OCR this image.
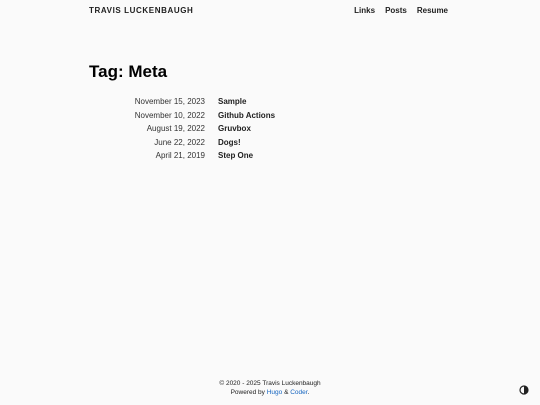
TRAVIS LUCKENBAUGH	Links Posts Resume
Tag: Meta
November 15, 2023 Sample
November 10, 2022 Github Actions
August 19, 2022 Gruvbox
June 22, 2022 Dogs!
April 21, 2019 Step One
© 2020 - 2025 Travis Luckenbaugh
Powered by Hugo & Coder.
